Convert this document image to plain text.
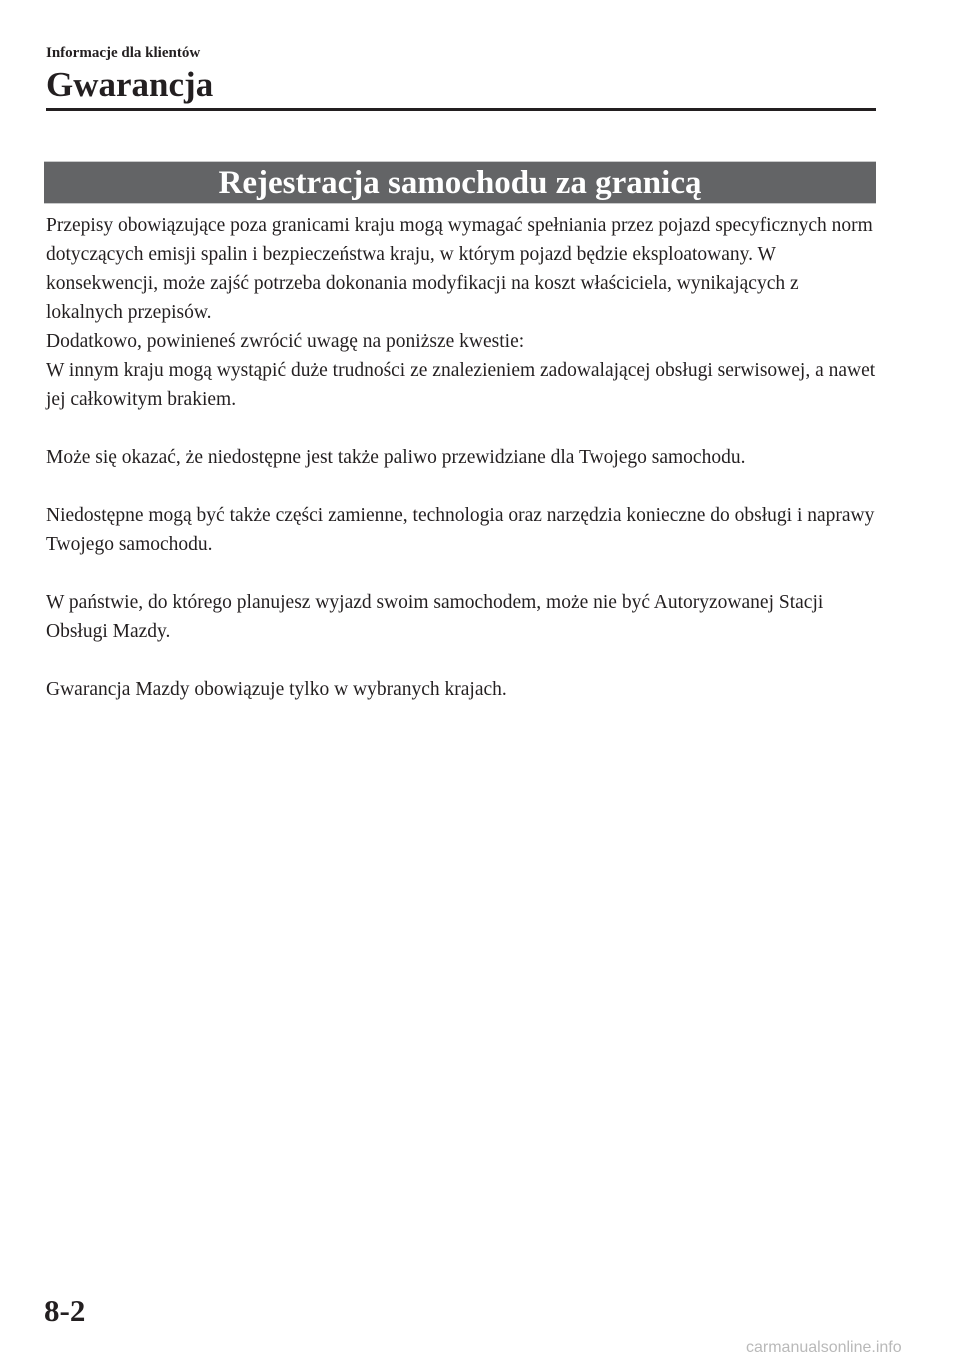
Informacje dla klientów
Gwarancja
Rejestracja samochodu za granicą

Przepisy obowiązujące poza granicami kraju mogą wymagać spełniania przez pojazd specyficznych norm dotyczących emisji spalin i bezpieczeństwa kraju, w którym pojazd będzie eksploatowany. W konsekwencji, może zajść potrzeba dokonania modyfikacji na koszt właściciela, wynikających z lokalnych przepisów.

Dodatkowo, powinieneś zwrócić uwagę na poniższe kwestie:

W innym kraju mogą wystąpić duże trudności ze znalezieniem zadowalającej obsługi serwisowej, a nawet jej całkowitym brakiem.

Może się okazać, że niedostępne jest także paliwo przewidziane dla Twojego samochodu.

Niedostępne mogą być także części zamienne, technologia oraz narzędzia konieczne do obsługi i naprawy Twojego samochodu.

W państwie, do którego planujesz wyjazd swoim samochodem, może nie być Autoryzowanej Stacji Obsługi Mazdy.

Gwarancja Mazdy obowiązuje tylko w wybranych krajach.

8-2
carmanualsonline.info
